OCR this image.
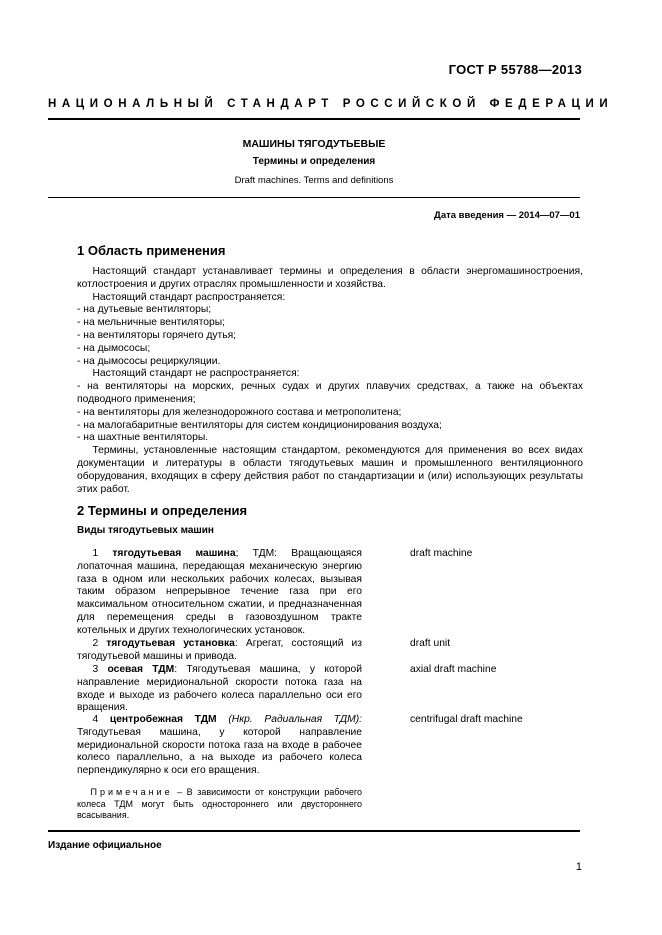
ГОСТ Р 55788—2013
НАЦИОНАЛЬНЫЙ СТАНДАРТ РОССИЙСКОЙ ФЕДЕРАЦИИ
МАШИНЫ ТЯГОДУТЬЕВЫЕ
Термины и определения
Draft machines. Terms and definitions
Дата введения — 2014—07—01
1 Область применения

Настоящий стандарт устанавливает термины и определения в области энергомашиностроения, котлостроения и других отраслях промышленности и хозяйства.

Настоящий стандарт распространяется:

- на дутьевые вентиляторы;

- на мельничные вентиляторы;

- на вентиляторы горячего дутья;

- на дымососы;

- на дымососы рециркуляции.

Настоящий стандарт не распространяется:

- на вентиляторы на морских, речных судах и других плавучих средствах, а также на объектах подводного применения;

- на вентиляторы для железнодорожного состава и метрополитена;

- на малогабаритные вентиляторы для систем кондиционирования воздуха;

- на шахтные вентиляторы.

Термины, установленные настоящим стандартом, рекомендуются для применения во всех видах документации и литературы в области тягодутьевых машин и промышленного вентиляционного оборудования, входящих в сферу действия работ по стандартизации и (или) использующих результаты этих работ.

2 Термины и определения
Виды тягодутьевых машин

1 тягодутьевая машина; ТДМ: Вращающаяся лопаточная машина, передающая механическую энергию газа в одном или нескольких рабочих колесах, вызывая таким образом непрерывное течение газа при его максимальном относительном сжатии, и предназначенная для перемещения среды в газовоздушном тракте котельных и других технологических установок.

draft machine

2 тягодутьевая установка: Агрегат, состоящий из тягодутьевой машины и привода.

draft unit

3 осевая ТДМ: Тягодутьевая машина, у которой направление меридиональной скорости потока газа на входе и выходе из рабочего колеса параллельно оси его вращения.

axial draft machine

4 центробежная ТДМ (Нкр. Радиальная ТДМ): Тягодутьевая машина, у которой направление меридиональной скорости потока газа на входе в рабочее колесо параллельно, а на выходе из рабочего колеса перпендикулярно к оси его вращения.

centrifugal draft machine

Примечание – В зависимости от конструкции рабочего колеса ТДМ могут быть одностороннего или двустороннего всасывания.

Издание официальное
1
